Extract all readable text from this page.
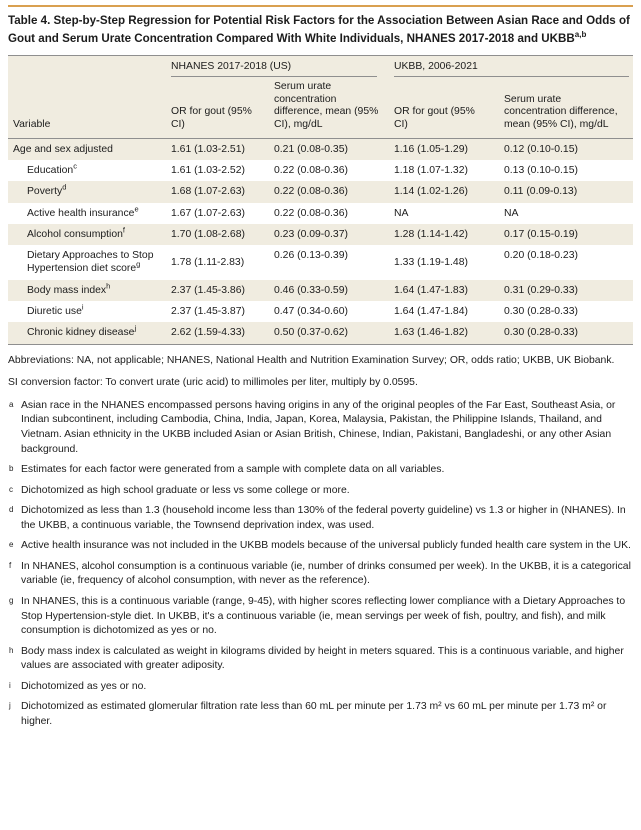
Table 4. Step-by-Step Regression for Potential Risk Factors for the Association Between Asian Race and Odds of Gout and Serum Urate Concentration Compared With White Individuals, NHANES 2017-2018 and UKBB$^{a,b}$

	NHANES 2017-2018 (US)		UKBB, 2006-2021	

Variable	OR for gout (95% CI)	Serum urate concentration difference, mean (95% CI), mg/dL	OR for gout (95% CI)	Serum urate concentration difference, mean (95% CI), mg/dL
Age and sex adjusted	1.61 (1.03-2.51)	0.21 (0.08-0.35)	1.16 (1.05-1.29)	0.12 (0.10-0.15)
Education$^c$	1.61 (1.03-2.52)	0.22 (0.08-0.36)	1.18 (1.07-1.32)	0.13 (0.10-0.15)
Poverty$^d$	1.68 (1.07-2.63)	0.22 (0.08-0.36)	1.14 (1.02-1.26)	0.11 (0.09-0.13)
Active health insurance$^e$	1.67 (1.07-2.63)	0.22 (0.08-0.36)	NA	NA
Alcohol consumption$^f$	1.70 (1.08-2.68)	0.23 (0.09-0.37)	1.28 (1.14-1.42)	0.17 (0.15-0.19)
Dietary Approaches to Stop Hypertension diet score$^g$	1.78 (1.11-2.83)	0.26 (0.13-0.39)	1.33 (1.19-1.48)	0.20 (0.18-0.23)
Body mass index$^h$	2.37 (1.45-3.86)	0.46 (0.33-0.59)	1.64 (1.47-1.83)	0.31 (0.29-0.33)
Diuretic use$^i$	2.37 (1.45-3.87)	0.47 (0.34-0.60)	1.64 (1.47-1.84)	0.30 (0.28-0.33)
Chronic kidney disease$^j$	2.62 (1.59-4.33)	0.50 (0.37-0.62)	1.63 (1.46-1.82)	0.30 (0.28-0.33)

Abbreviations: NA, not applicable; NHANES, National Health and Nutrition Examination Survey; OR, odds ratio; UKBB, UK Biobank.

SI conversion factor: To convert urate (uric acid) to millimoles per liter, multiply by 0.0595.

a Asian race in the NHANES encompassed persons having origins in any of the original peoples of the Far East, Southeast Asia, or Indian subcontinent, including Cambodia, China, India, Japan, Korea, Malaysia, Pakistan, the Philippine Islands, Thailand, and Vietnam. Asian ethnicity in the UKBB included Asian or Asian British, Chinese, Indian, Pakistani, Bangladeshi, or any other Asian background.
b Estimates for each factor were generated from a sample with complete data on all variables.
c Dichotomized as high school graduate or less vs some college or more.
d Dichotomized as less than 1.3 (household income less than 130% of the federal poverty guideline) vs 1.3 or higher in (NHANES). In the UKBB, a continuous variable, the Townsend deprivation index, was used.
e Active health insurance was not included in the UKBB models because of the universal publicly funded health care system in the UK.
f In NHANES, alcohol consumption is a continuous variable (ie, number of drinks consumed per week). In the UKBB, it is a categorical variable (ie, frequency of alcohol consumption, with never as the reference).
g In NHANES, this is a continuous variable (range, 9-45), with higher scores reflecting lower compliance with a Dietary Approaches to Stop Hypertension-style diet. In UKBB, it's a continuous variable (ie, mean servings per week of fish, poultry, and fish), and milk consumption is dichotomized as yes or no.
h Body mass index is calculated as weight in kilograms divided by height in meters squared. This is a continuous variable, and higher values are associated with greater adiposity.
i Dichotomized as yes or no.
j Dichotomized as estimated glomerular filtration rate less than 60 mL per minute per 1.73 m² vs 60 mL per minute per 1.73 m² or higher.
